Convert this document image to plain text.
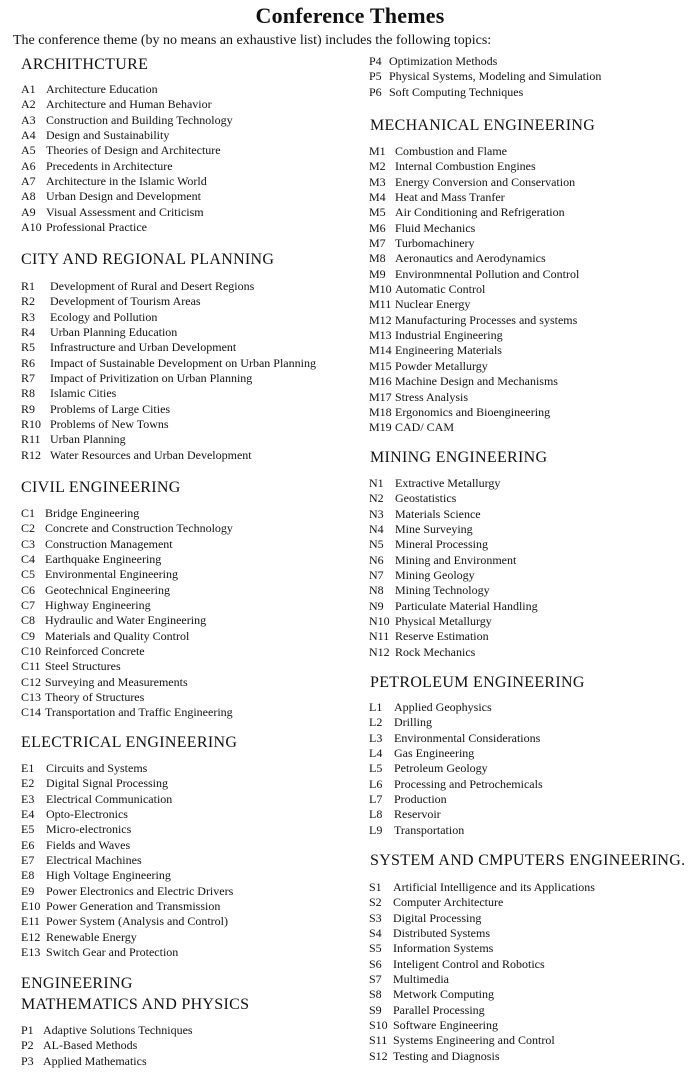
Conference Themes
The conference theme (by no means an exhaustive list) includes the following topics:
ARCHITHCTURE
A1 Architecture Education
A2 Architecture and Human Behavior
A3 Construction and Building Technology
A4 Design and Sustainability
A5 Theories of Design and Architecture
A6 Precedents in Architecture
A7 Architecture in the Islamic World
A8 Urban Design and Development
A9 Visual Assessment and Criticism
A10 Professional Practice
CITY AND REGIONAL PLANNING
R1	Development of Rural and Desert Regions
R2	Development of Tourism Areas
R3	Ecology and Pollution
R4	Urban Planning Education
R5	Infrastructure and Urban Development
R6	Impact of Sustainable Development on Urban Planning
R7	Impact of Privitization on Urban Planning
R8	Islamic Cities
R9	Problems of Large Cities
R10 Problems of New Towns
R11 Urban Planning
R12 Water Resources and Urban Development
CIVIL ENGINEERING
C1 Bridge Engineering
C2 Concrete and Construction Technology
C3 Construction Management
C4 Earthquake Engineering
C5 Environmental Engineering
C6 Geotechnical Engineering
C7 Highway Engineering
C8 Hydraulic and Water Engineering
C9 Materials and Quality Control
C10 Reinforced Concrete
C11 Steel Structures
C12 Surveying and Measurements
C13 Theory of Structures
C14 Transportation and Traffic Engineering
ELECTRICAL ENGINEERING
E1 Circuits and Systems
E2 Digital Signal Processing
E3 Electrical Communication
E4 Opto-Electronics
E5 Micro-electronics
E6 Fields and Waves
E7 Electrical Machines
E8 High Voltage Engineering
E9 Power Electronics and Electric Drivers
E10 Power Generation and Transmission
E11 Power System (Analysis and Control)
E12 Renewable Energy
E13 Switch Gear and Protection
ENGINEERING
MATHEMATICS AND PHYSICS
P1 Adaptive Solutions Techniques
P2 AL-Based Methods
P3 Applied Mathematics
P4 Optimization Methods
P5 Physical Systems, Modeling and Simulation
P6 Soft Computing Techniques
MECHANICAL ENGINEERING
M1 Combustion and Flame
M2 Internal Combustion Engines
M3 Energy Conversion and Conservation
M4 Heat and Mass Tranfer
M5 Air Conditioning and Refrigeration
M6 Fluid Mechanics
M7 Turbomachinery
M8 Aeronautics and Aerodynamics
M9 Environmnental Pollution and Control
M10 Automatic Control
M11 Nuclear Energy
M12 Manufacturing Processes and systems
M13 Industrial Engineering
M14 Engineering Materials
M15 Powder Metallurgy
M16 Machine Design and Mechanisms
M17 Stress Analysis
M18 Ergonomics and Bioengineering
M19 CAD/ CAM
MINING ENGINEERING
N1 Extractive Metallurgy
N2 Geostatistics
N3 Materials Science
N4 Mine Surveying
N5 Mineral Processing
N6 Mining and Environment
N7 Mining Geology
N8 Mining Technology
N9 Particulate Material Handling
N10 Physical Metallurgy
N11 Reserve Estimation
N12 Rock Mechanics
PETROLEUM ENGINEERING
L1 Applied Geophysics
L2 Drilling
L3 Environmental Considerations
L4 Gas Engineering
L5 Petroleum Geology
L6 Processing and Petrochemicals
L7 Production
L8 Reservoir
L9 Transportation
SYSTEM AND CMPUTERS ENGINEERING.
S1 Artificial Intelligence and its Applications
S2 Computer Architecture
S3 Digital Processing
S4 Distributed Systems
S5 Information Systems
S6 Inteligent Control and Robotics
S7 Multimedia
S8 Metwork Computing
S9 Parallel Processing
S10 Software Engineering
S11 Systems Engineering and Control
S12 Testing and Diagnosis
